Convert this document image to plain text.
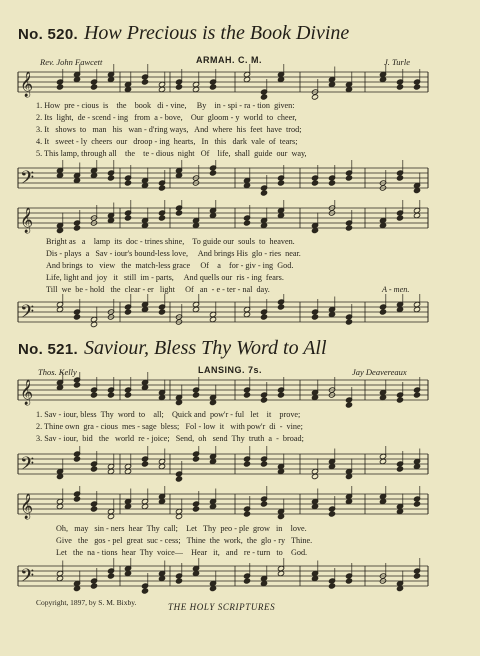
No. 520. How Precious is the Book Divine
Rev. John Fawcett	ARMAH. C. M.	J. Turle
𝄞
1. How  pre - cious  is    the    book   di - vine,     By    in - spi - ra - tion  given:
2. Its  light,  de - scend - ing   from  a - bove,    Our  gloom - y  world  to  cheer,
3. It   shows  to   man   his   wan - d'ring ways,   And  where  his  feet  have  trod;
4. It   sweet - ly  cheers  our   droop - ing  hearts,   In   this   dark  vale  of  tears;
5. This lamp, through all    the    te - dious  night   Of    life,  shall  guide  our  way,
𝄢
𝄞
Bright as   a    lamp  its  doc - trines shine,    To guide our  souls  to  heaven.
Dis - plays  a   Sav - iour's bound-less love,     And brings His  glo - ries  near.
And brings  to   view   the  match-less grace     Of    a    for - giv - ing  God.
Life, light and  joy   it   still  im - parts,     And quells our  ris - ing  fears.
Till  we  be - hold   the  clear - er   light     Of   an  - e - ter - nal  day.	A - men.
𝄢
No. 521. Saviour, Bless Thy Word to All
Thos. Kelly	LANSING. 7s.	Jay Deavereaux
𝄞
1. Sav - iour, bless  Thy  word  to    all;    Quick and  pow'r - ful   let    it    prove;
2. Thine own  gra - cious  mes - sage  bless;   Fol - low  it   with pow'r  di  -  vine;
3. Sav - iour,  bid   the   world  re - joice;   Send,  oh   send  Thy  truth  a  -  broad;
𝄢
𝄞
Oh,   may   sin - ners  hear  Thy  call;    Let   Thy  peo - ple  grow   in    love.
Give   the   gos - pel  great  suc - cess;   Thine  the  work,  the  glo - ry   Thine.
Let   the  na - tions  hear  Thy  voice—    Hear   it,   and   re - turn   to    God.
𝄢
Copyright, 1897, by S. M. Bixby.	THE HOLY SCRIPTURES
